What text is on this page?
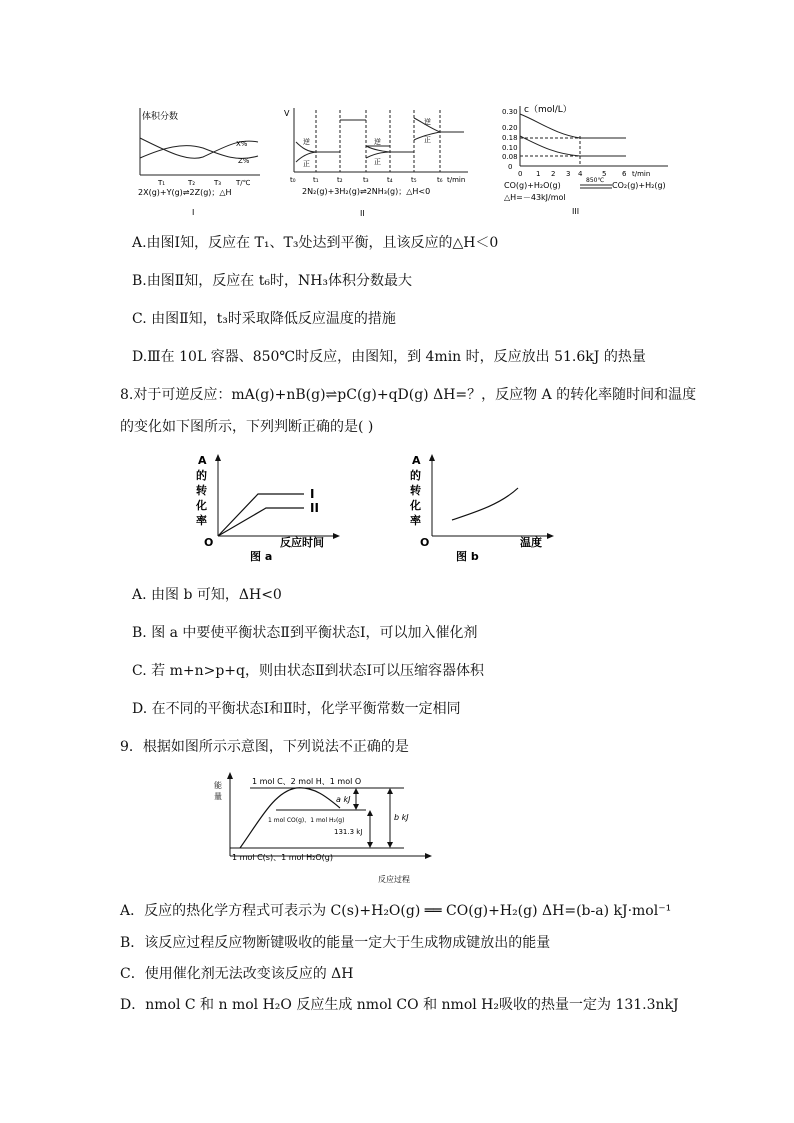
体积分数
X%
Z%
T₁	T₂	T₃ T/℃
2X(g)+Y(g)⇌2Z(g)；△H
I
V
逆
正
逆
正
逆
正
t₀ t₁	t₂	t₃	t₄	t₅	t₆ t/min
2N₂(g)+3H₂(g)⇌2NH₃(g)；△H<0
II
c（mol/L）
0.30
0.20
0.18
0.10
0.08
0
0 1 2 3 4	5 6 t/min
CO(g)+H₂O(g)
850℃
CO₂(g)+H₂(g)
△H=－43kJ/mol
III
A.由图Ⅰ知，反应在 T₁、T₃处达到平衡，且该反应的△H＜0
B.由图Ⅱ知，反应在 t₆时，NH₃体积分数最大
C. 由图Ⅱ知，t₃时采取降低反应温度的措施
D.Ⅲ在 10L 容器、850℃时反应，由图知，到 4min 时，反应放出 51.6kJ 的热量
8.对于可逆反应：mA(g)+nB(g)⇌pC(g)+qD(g) ΔH=？，反应物 A 的转化率随时间和温度
的变化如下图所示，下列判断正确的是( )
A
的
转
化
率
I
II
O	反应时间
图 a
A
的
转
化
率
O	温度
图 b
A. 由图 b 可知，ΔH<0
B. 图 a 中要使平衡状态Ⅱ到平衡状态Ⅰ，可以加入催化剂
C. 若 m+n>p+q，则由状态Ⅱ到状态Ⅰ可以压缩容器体积
D. 在不同的平衡状态Ⅰ和Ⅱ时，化学平衡常数一定相同
9．根据如图所示示意图，下列说法不正确的是
能
量
1 mol C、2 mol H、1 mol O
a kJ
1 mol CO(g)、1 mol H₂(g)
131.3 kJ
b kJ
1 mol C(s)、1 mol H₂O(g)
反应过程
A．反应的热化学方程式可表示为 C(s)+H₂O(g) ══ CO(g)+H₂(g) ΔH=(b-a) kJ·mol⁻¹
B．该反应过程反应物断键吸收的能量一定大于生成物成键放出的能量
C．使用催化剂无法改变该反应的 ΔH
D．nmol C 和 n mol H₂O 反应生成 nmol CO 和 nmol H₂吸收的热量一定为 131.3nkJ
